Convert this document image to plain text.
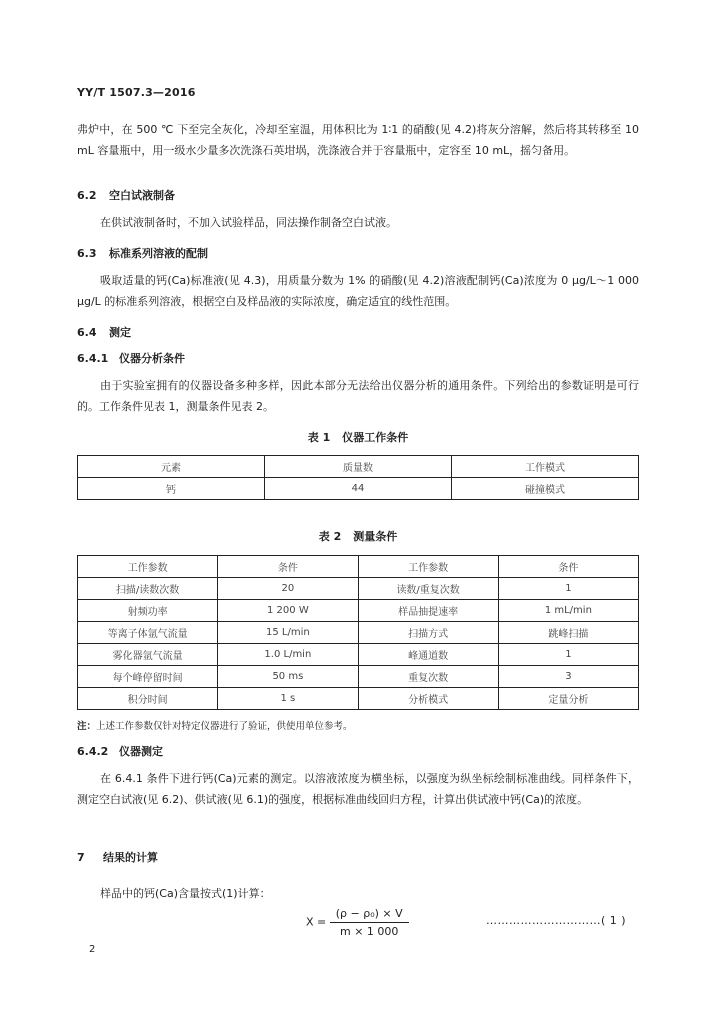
YY/T 1507.3—2016
弗炉中，在 500 ℃ 下至完全灰化，冷却至室温，用体积比为 1∶1 的硝酸(见 4.2)将灰分溶解，然后将其转移至 10 mL 容量瓶中，用一级水少量多次洗涤石英坩埚，洗涤液合并于容量瓶中，定容至 10 mL，摇匀备用。
6.2 空白试液制备
在供试液制备时，不加入试验样品，同法操作制备空白试液。
6.3 标准系列溶液的配制
吸取适量的钙(Ca)标准液(见 4.3)，用质量分数为 1% 的硝酸(见 4.2)溶液配制钙(Ca)浓度为 0 μg/L～1 000 μg/L 的标准系列溶液，根据空白及样品液的实际浓度，确定适宜的线性范围。
6.4 测定
6.4.1 仪器分析条件
由于实验室拥有的仪器设备多种多样，因此本部分无法给出仪器分析的通用条件。下列给出的参数证明是可行的。工作条件见表 1，测量条件见表 2。
表 1 仪器工作条件
元素	质量数	工作模式
钙	44	碰撞模式
表 2 测量条件
工作参数	条件	工作参数	条件
扫描/读数次数	20	读数/重复次数	1
射频功率	1 200 W	样品抽提速率	1 mL/min
等离子体氩气流量	15 L/min	扫描方式	跳峰扫描
雾化器氩气流量	1.0 L/min	峰通道数	1
每个峰停留时间	50 ms	重复次数	3
积分时间	1 s	分析模式	定量分析
注：上述工作参数仅针对特定仪器进行了验证，供使用单位参考。
6.4.2 仪器测定
在 6.4.1 条件下进行钙(Ca)元素的测定。以溶液浓度为横坐标，以强度为纵坐标绘制标准曲线。同样条件下，测定空白试液(见 6.2)、供试液(见 6.1)的强度，根据标准曲线回归方程，计算出供试液中钙(Ca)的浓度。
7 结果的计算
样品中的钙(Ca)含量按式(1)计算：
$X = \frac{\text{(ρ − ρ₀) × V}}{m \times 1 000}$	…………………………( 1 )
2
